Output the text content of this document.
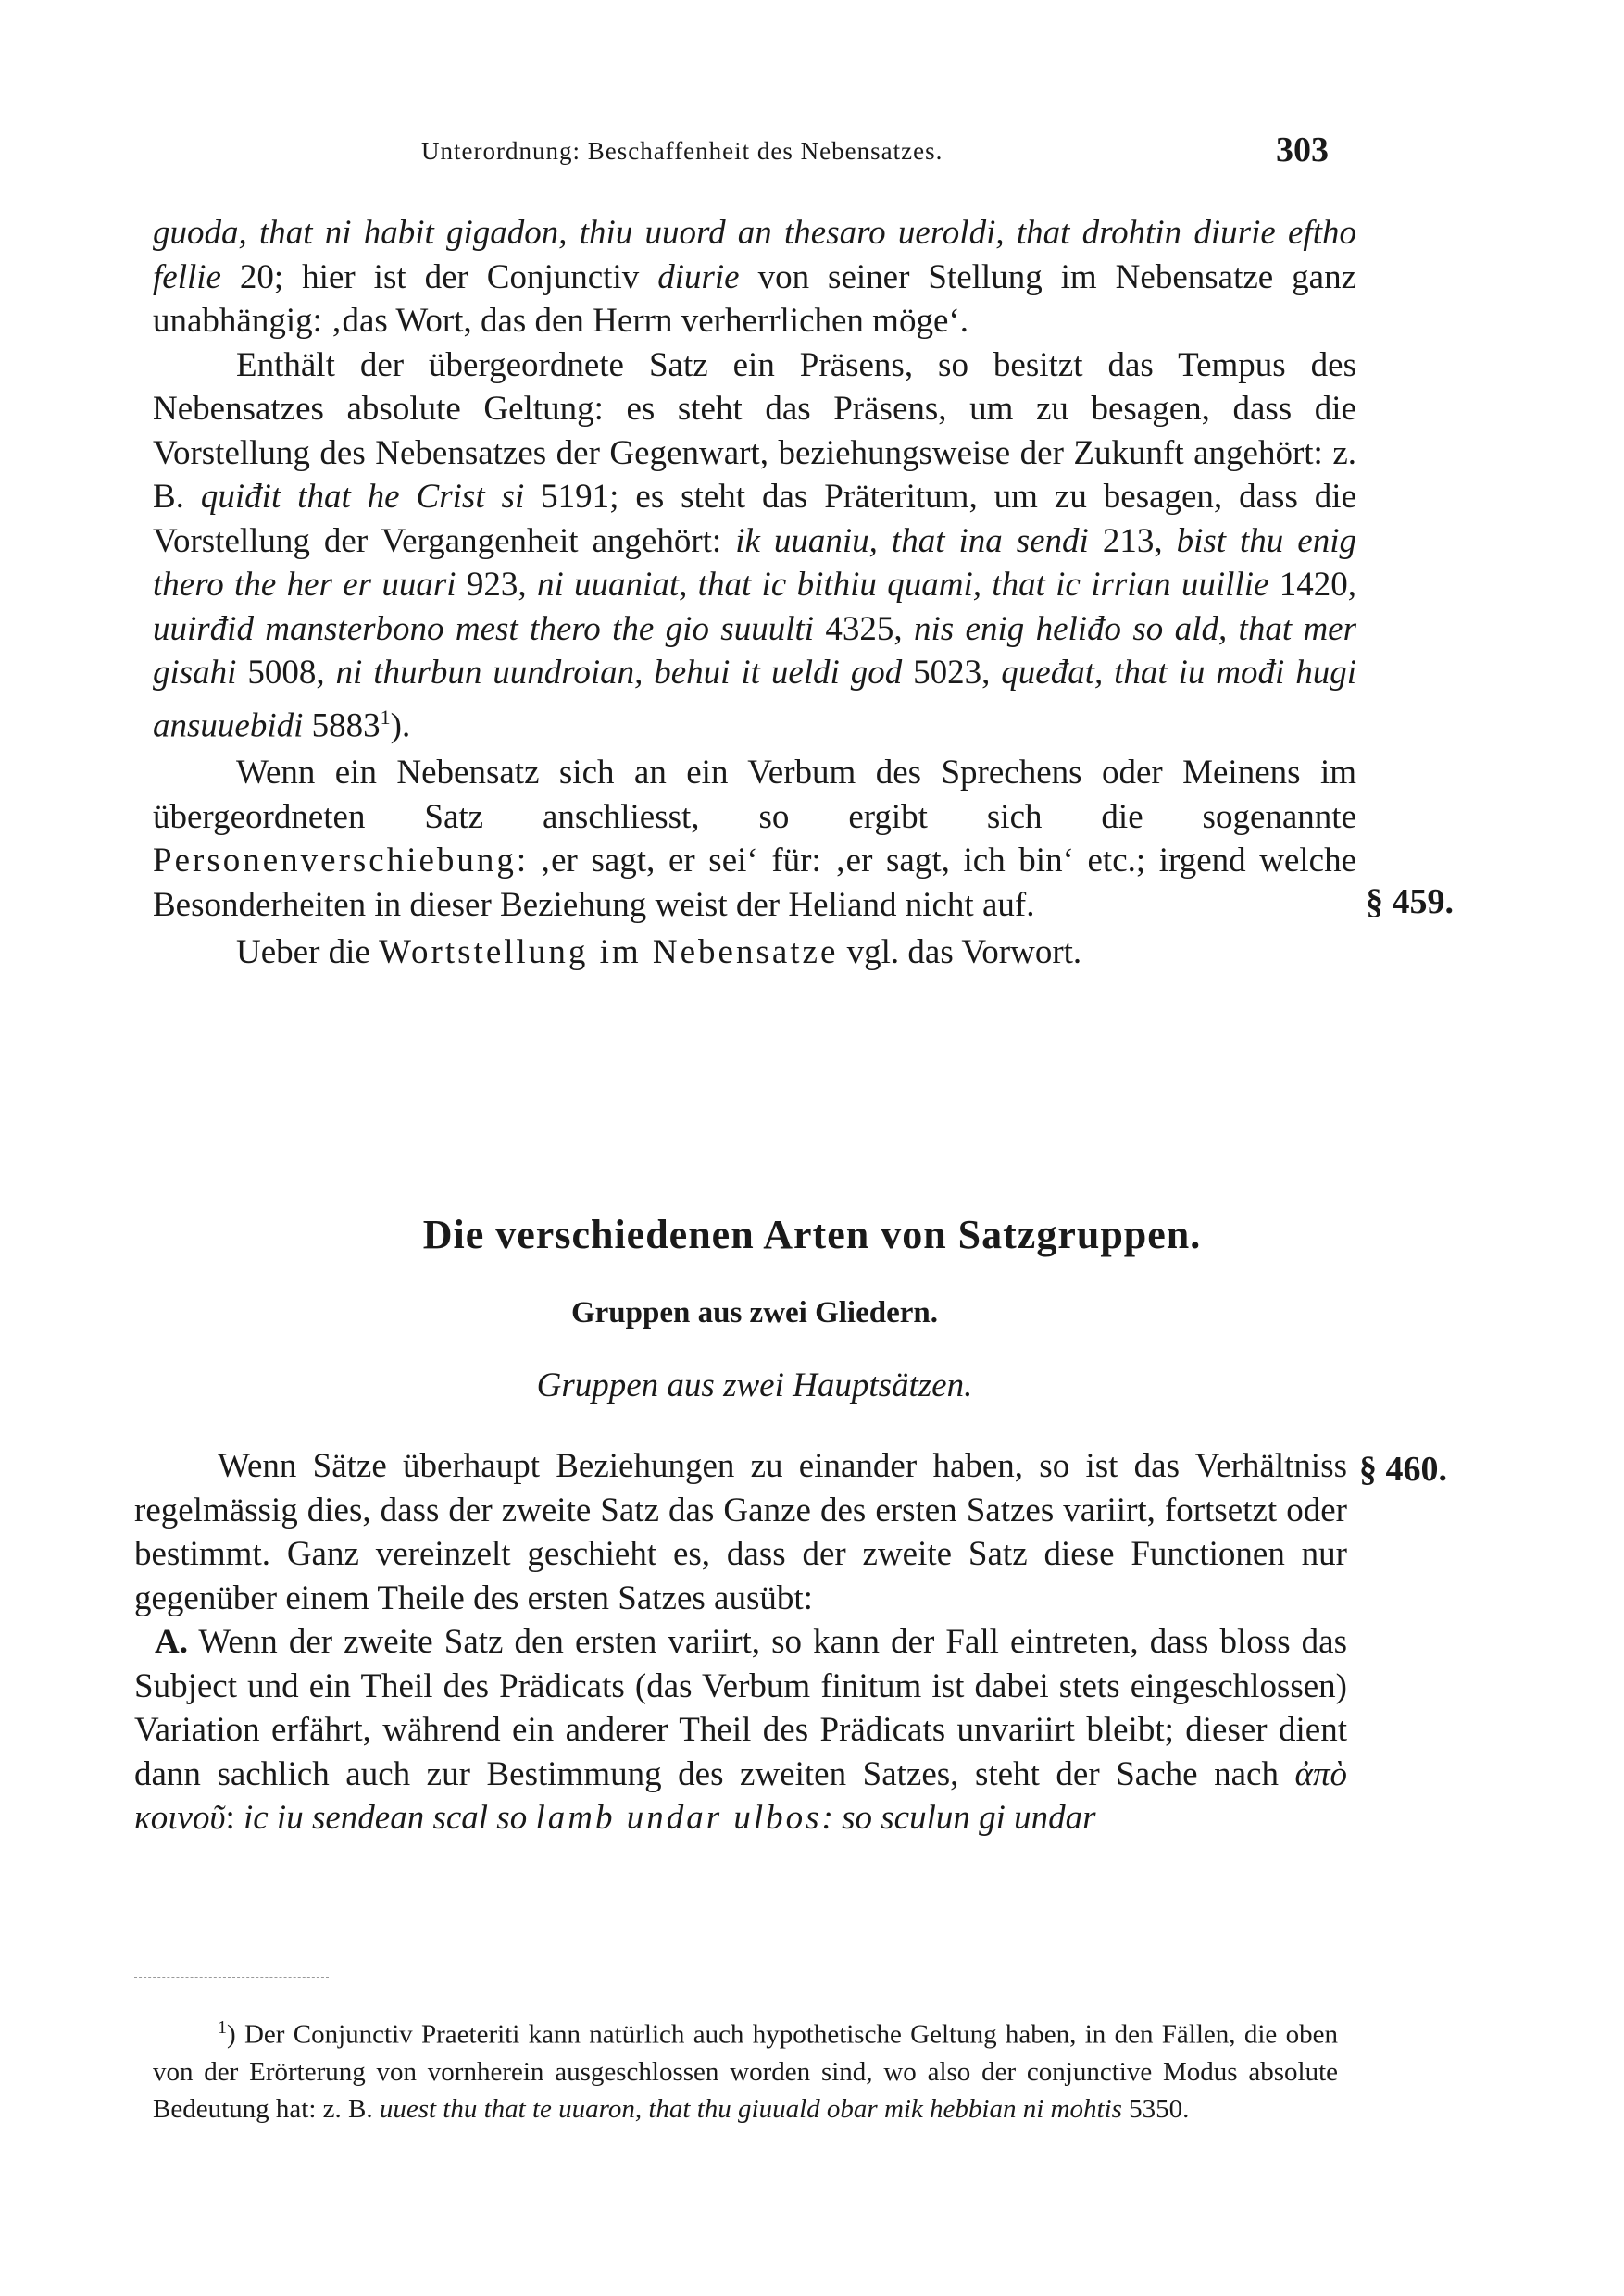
Unterordnung: Beschaffenheit des Nebensatzes.	303

guoda, that ni habit gigadon, thiu uuord an thesaro ueroldi, that drohtin diurie eftho fellie 20; hier ist der Conjunctiv diurie von seiner Stellung im Nebensatze ganz unabhängig: ‚das Wort, das den Herrn verherrlichen möge‘.

Enthält der übergeordnete Satz ein Präsens, so besitzt das Tempus des Nebensatzes absolute Geltung: es steht das Präsens, um zu besagen, dass die Vorstellung des Nebensatzes der Gegenwart, beziehungsweise der Zukunft angehört: z. B. quiđit that he Crist si 5191; es steht das Präteritum, um zu besagen, dass die Vorstellung der Vergangenheit angehört: ik uuaniu, that ina sendi 213, bist thu enig thero the her er uuari 923, ni uuaniat, that ic bithiu quami, that ic irrian uuillie 1420, uuirđid mansterbono mest thero the gio suuulti 4325, nis enig heliđo so ald, that mer gisahi 5008, ni thurbun uundroian, behui it ueldi god 5023, queđat, that iu mođi hugi ansuuebidi 5883$^1$).

Wenn ein Nebensatz sich an ein Verbum des Sprechens oder Meinens im übergeordneten Satz anschliesst, so ergibt sich die sogenannte Personenverschiebung: ‚er sagt, er sei‘ für: ‚er sagt, ich bin‘ etc.; irgend welche Besonderheiten in dieser Beziehung weist der Heliand nicht auf.

Ueber die Wortstellung im Nebensatze vgl. das Vorwort.

§ 459.
Die verschiedenen Arten von Satzgruppen.
Gruppen aus zwei Gliedern.
Gruppen aus zwei Hauptsätzen.

Wenn Sätze überhaupt Beziehungen zu einander haben, so ist das Verhältniss regelmässig dies, dass der zweite Satz das Ganze des ersten Satzes variirt, fortsetzt oder bestimmt. Ganz vereinzelt geschieht es, dass der zweite Satz diese Functionen nur gegenüber einem Theile des ersten Satzes ausübt:

A. Wenn der zweite Satz den ersten variirt, so kann der Fall eintreten, dass bloss das Subject und ein Theil des Prädicats (das Verbum finitum ist dabei stets eingeschlossen) Variation erfährt, während ein anderer Theil des Prädicats unvariirt bleibt; dieser dient dann sachlich auch zur Bestimmung des zweiten Satzes, steht der Sache nach ἀπὸ κοινοῦ: ic iu sendean scal so lamb undar ulbos: so sculun gi undar

§ 460.
$^1$) Der Conjunctiv Praeteriti kann natürlich auch hypothetische Geltung haben, in den Fällen, die oben von der Erörterung von vornherein ausgeschlossen worden sind, wo also der conjunctive Modus absolute Bedeutung hat: z. B. uuest thu that te uuaron, that thu giuuald obar mik hebbian ni mohtis 5350.
